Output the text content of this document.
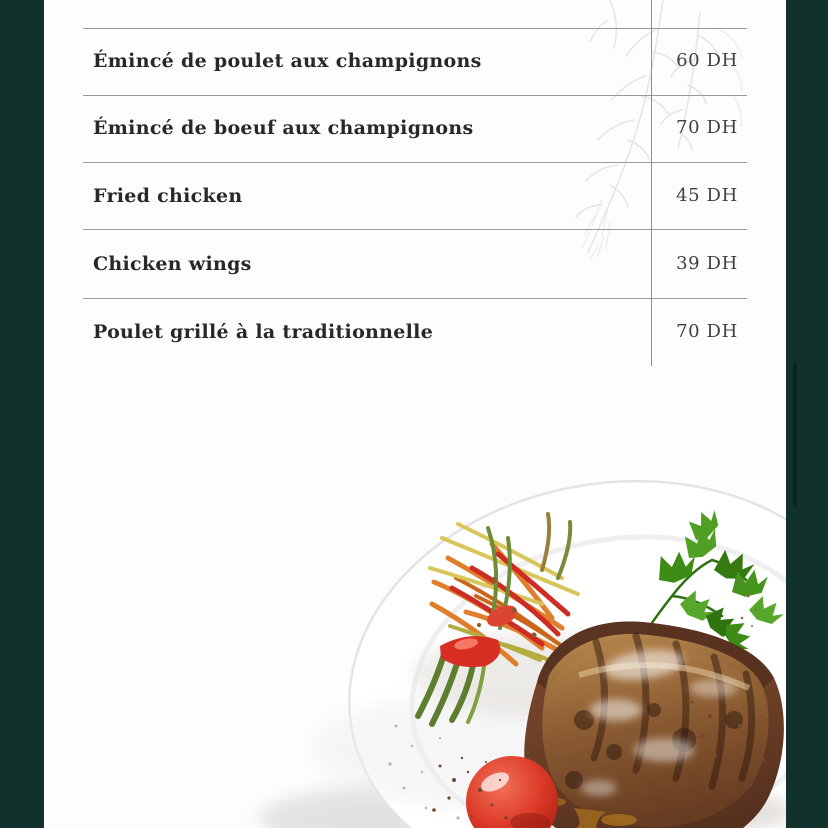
Émincé de poulet aux champignons	60 DH
Émincé de boeuf aux champignons	70 DH
Fried chicken	45 DH
Chicken wings	39 DH
Poulet grillé à la traditionnelle	70 DH
